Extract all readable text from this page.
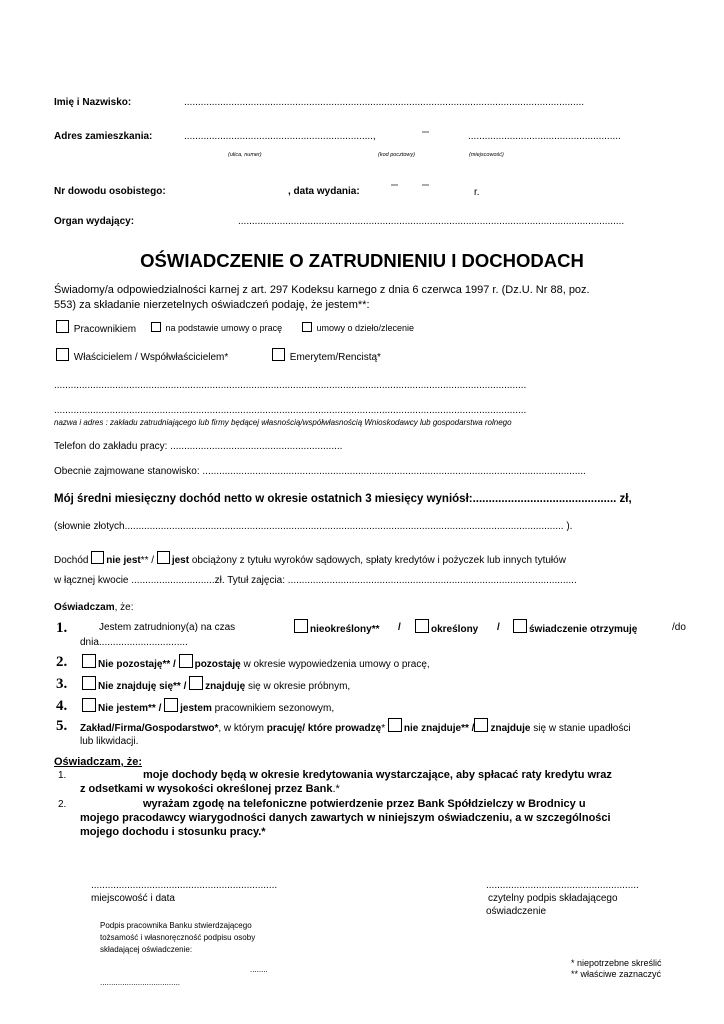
Imię i Nazwisko:	................................................................................................................................................
Adres zamieszkania:	....................................................................,	.......................................................
(ulica, numer)	(kod pocztowy)	(miejscowość)
Nr dowodu osobistego:	, data wydania:	r.
Organ wydający:	...........................................................................................................................................
OŚWIADCZENIE O ZATRUDNIENIU I DOCHODACH
Świadomy/a odpowiedzialności karnej z art. 297 Kodeksu karnego z dnia 6 czerwca 1997 r. (Dz.U. Nr 88, poz.
553) za składanie nierzetelnych oświadczeń podaję, że jestem**:
Pracownikiem	na podstawie umowy o pracę	umowy o dzieło/zlecenie
Właścicielem / Współwłaścicielem*	Emerytem/Rencistą*
..........................................................................................................................................................................
..........................................................................................................................................................................
nazwa i adres : zakładu zatrudniającego lub firmy będącej własnością/współwłasnością Wnioskodawcy lub gospodarstwa rolnego
Telefon do zakładu pracy: ..............................................................
Obecnie zajmowane stanowisko: ..........................................................................................................................................
Mój średni miesięczny dochód netto w okresie ostatnich 3 miesięcy wyniósł:............................................. zł,
(słownie złotych.............................................................................................................................................................. ).
Dochód nie jest** / jest obciążony z tytułu wyroków sądowych, spłaty kredytów i pożyczek lub innych tytułów
w łącznej kwocie ..............................zł. Tytuł zajęcia: ........................................................................................................
Oświadczam, że:
1.	Jestem zatrudniony(a) na czas	nieokreślony** /	określony /	świadczenie otrzymuję	/do
dnia................................
2.	Nie pozostaję** / pozostaję w okresie wypowiedzenia umowy o pracę,
3.	Nie znajduję się** / znajduję się w okresie próbnym,
4.	Nie jestem** / jestem pracownikiem sezonowym,
5. Zakład/Firma/Gospodarstwo*, w którym pracuję/ które prowadzę* nie znajduje** / znajduje się w stanie upadłości
lub likwidacji.
Oświadczam, że:
1.	moje dochody będą w okresie kredytowania wystarczające, aby spłacać raty kredytu wraz
z odsetkami w wysokości określonej przez Bank.*
2.	wyrażam zgodę na telefoniczne potwierdzenie przez Bank Spółdzielczy w Brodnicy u
mojego pracodawcy wiarygodności danych zawartych w niniejszym oświadczeniu, a w szczególności
mojego dochodu i stosunku pracy.*
...................................................................
miejscowość i data
.......................................................
czytelny podpis składającego
oświadczenie
Podpis pracownika Banku stwierdzającego
tożsamość i własnoręczność podpisu osoby
składającej oświadczenie:
........
....................................
* niepotrzebne skreślić
** właściwe zaznaczyć
